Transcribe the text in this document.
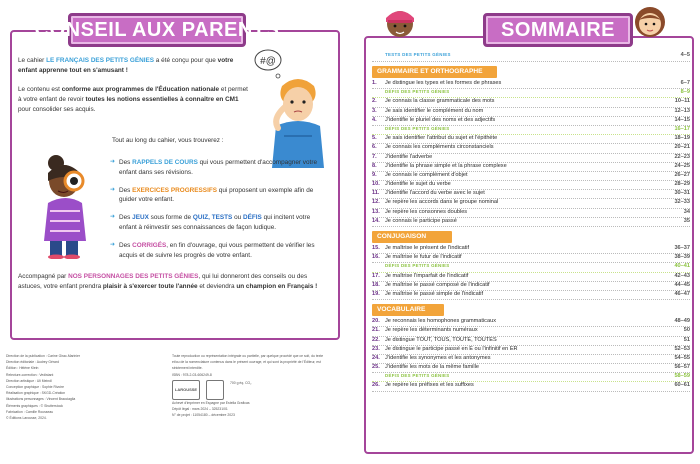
CONSEIL AUX PARENTS

Le cahier LE FRANÇAIS DES PETITS GÉNIES a été conçu pour que votre enfant apprenne tout en s'amusant !

Le contenu est conforme aux programmes de l'Éducation nationale et permet à votre enfant de revoir toutes les notions essentielles à connaître en CM1 pour consolider ses acquis.

#@
Tout au long du cahier, vous trouverez :
➜ Des RAPPELS DE COURS qui vous permettent d'accompagner votre enfant dans ses révisions.
➜ Des EXERCICES PROGRESSIFS qui proposent un exemple afin de guider votre enfant.
➜ Des JEUX sous forme de QUIZ, TESTS ou DÉFIS qui incitent votre enfant à réinvestir ses connaissances de façon ludique.
➜ Des CORRIGÉS, en fin d'ouvrage, qui vous permettent de vérifier les acquis et de suivre les progrès de votre enfant.
Accompagné par NOS PERSONNAGES DES PETITS GÉNIES, qui lui donneront des conseils ou des astuces, votre enfant prendra plaisir à s'exercer toute l'année et deviendra un champion en Français !
Direction de la publication : Carine Girac-Marinier
Direction éditoriale : Audrey Gérard
Édition : Hélène Klein
Relecture-correction : Vedistant
Direction artistique : Uli Meindl
Conception graphique : Sophie Rivoire
Réalisation graphique : SKGD-Création
Illustrations personnages : Vincent Bracciaglia
Éléments graphiques : © Shutterstock
Fabrication : Camille Rousseau
© Éditions Larousse, 2024.
Toute reproduction ou représentation intégrale ou partielle, par quelque procédé que ce soit, du texte et/ou de la nomenclature contenus dans le présent ouvrage, et qui sont la propriété de l'Éditeur, est strictement interdite.
ISBN : 978-2-03-606249-8
LAROUSSE
700 g éq. CO₂
Achevé d'imprimer en Espagne par Estella Graficas
Dépôt légal : mars 2024 – 325231/01
N° de projet : 11054180 – décembre 2023
SOMMAIRE
TESTS DES PETITS GÉNIES	4–5
GRAMMAIRE ET ORTHOGRAPHE
1.	Je distingue les types et les formes de phrases	6–7
DÉFIS DES PETITS GÉNIES	8–9
2.	Je connais la classe grammaticale des mots	10–11
3.	Je sais identifier le complément du nom	12–13
4.	J'identifie le pluriel des noms et des adjectifs	14–15
DÉFIS DES PETITS GÉNIES	16–17
5.	Je sais identifier l'attribut du sujet et l'épithète	18–19
6.	Je connais les compléments circonstanciels	20–21
7.	J'identifie l'adverbe	22–23
8.	J'identifie la phrase simple et la phrase complexe	24–25
9.	Je connais le complément d'objet	26–27
10. J'identifie le sujet du verbe	28–29
11. J'identifie l'accord du verbe avec le sujet	30–31
12. Je repère les accords dans le groupe nominal	32–33
13. Je repère les consonnes doubles	34
14. Je connais le participe passé	35
CONJUGAISON
15. Je maîtrise le présent de l'indicatif	36–37
16. Je maîtrise le futur de l'indicatif	38–39
DÉFIS DES PETITS GÉNIES	40–41
17. Je maîtrise l'imparfait de l'indicatif	42–43
18. Je maîtrise le passé composé de l'indicatif	44–45
19. Je maîtrise le passé simple de l'indicatif	46–47
VOCABULAIRE
20. Je reconnais les homophones grammaticaux	48–49
21. Je repère les déterminants numéraux	50
22. Je distingue TOUT, TOUS, TOUTE, TOUTES	51
23. Je distingue le participe passé en É ou l'infinitif en ER	52–53
24. J'identifie les synonymes et les antonymes	54–55
25. J'identifie les mots de la même famille	56–57
DÉFIS DES PETITS GÉNIES	58–59
26. Je repère les préfixes et les suffixes	60–61
